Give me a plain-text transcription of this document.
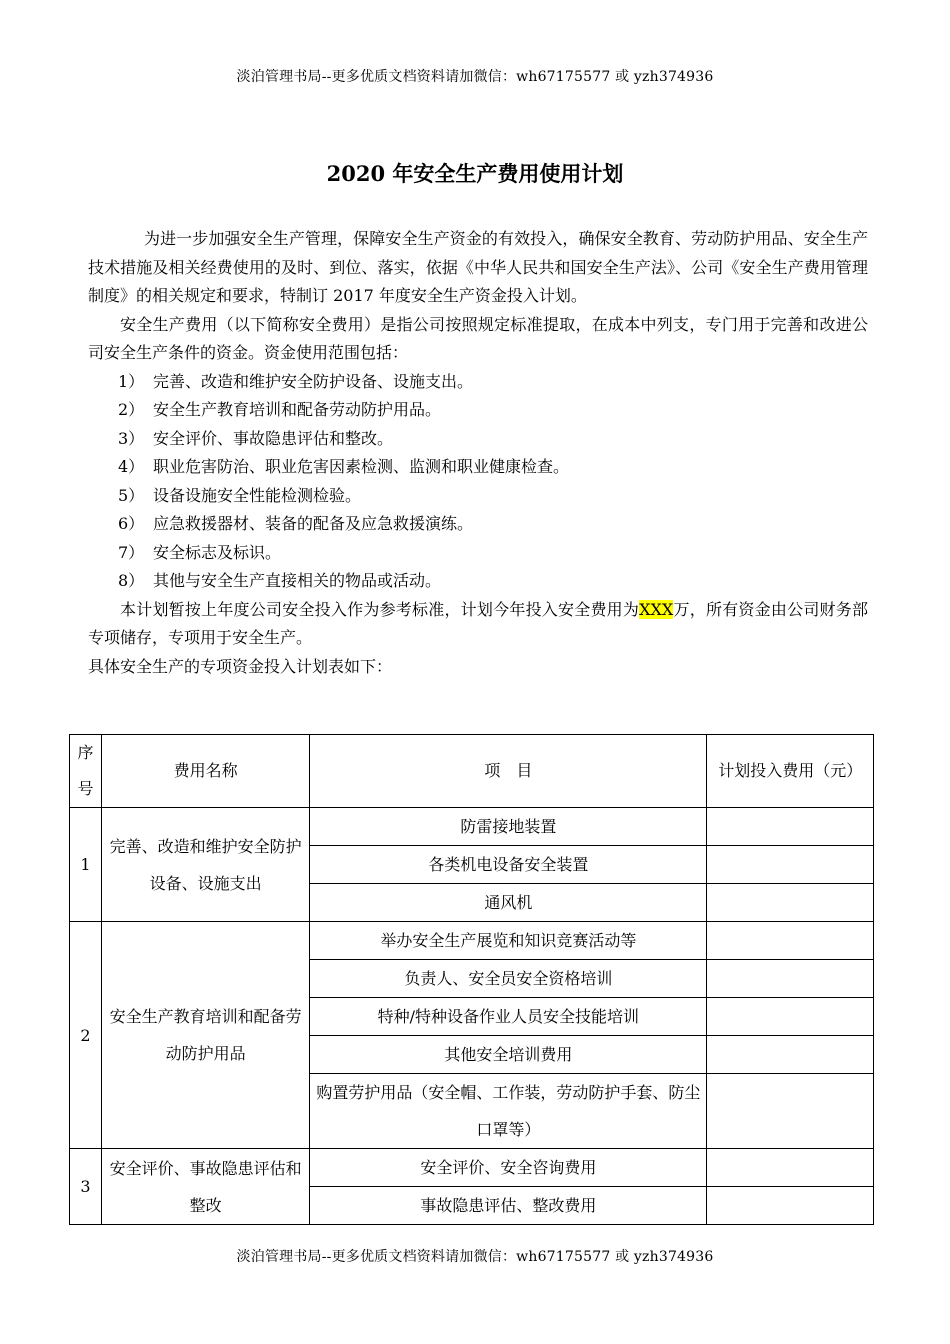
淡泊管理书局--更多优质文档资料请加微信：wh67175577 或 yzh374936
2020 年安全生产费用使用计划

为进一步加强安全生产管理，保障安全生产资金的有效投入，确保安全教育、劳动防护用品、安全生产技术措施及相关经费使用的及时、到位、落实，依据《中华人民共和国安全生产法》、公司《安全生产费用管理制度》的相关规定和要求，特制订 2017 年度安全生产资金投入计划。

安全生产费用（以下简称安全费用）是指公司按照规定标准提取，在成本中列支，专门用于完善和改进公司安全生产条件的资金。资金使用范围包括：

1） 完善、改造和维护安全防护设备、设施支出。
2） 安全生产教育培训和配备劳动防护用品。
3） 安全评价、事故隐患评估和整改。
4） 职业危害防治、职业危害因素检测、监测和职业健康检查。
5） 设备设施安全性能检测检验。
6） 应急救援器材、装备的配备及应急救援演练。
7） 安全标志及标识。
8） 其他与安全生产直接相关的物品或活动。

本计划暂按上年度公司安全投入作为参考标准，计划今年投入安全费用为XXX万，所有资金由公司财务部专项储存，专项用于安全生产。

具体安全生产的专项资金投入计划表如下：

序号	费用名称	项　目	计划投入费用（元）
1	完善、改造和维护安全防护设备、设施支出	防雷接地装置	
		各类机电设备安全装置	
		通风机	
2	安全生产教育培训和配备劳动防护用品	举办安全生产展览和知识竞赛活动等	
		负责人、安全员安全资格培训	
		特种/特种设备作业人员安全技能培训	
		其他安全培训费用	
		购置劳护用品（安全帽、工作装，劳动防护手套、防尘口罩等）	
3	安全评价、事故隐患评估和整改	安全评价、安全咨询费用	
		事故隐患评估、整改费用	
淡泊管理书局--更多优质文档资料请加微信：wh67175577 或 yzh374936
